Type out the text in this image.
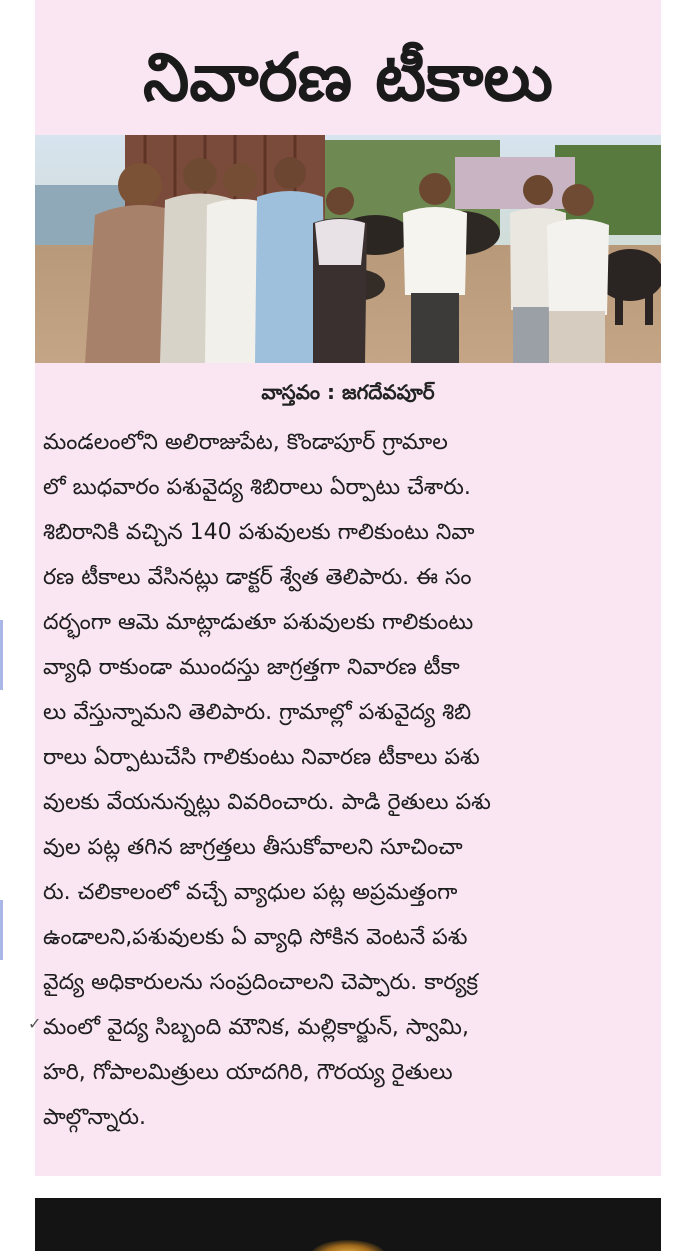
నివారణ టీకాలు
వాస్తవం : జగదేవపూర్
మండలంలోని అలిరాజుపేట, కొండాపూర్ గ్రామాల
లో బుధవారం పశువైద్య శిబిరాలు ఏర్పాటు చేశారు.
శిబిరానికి వచ్చిన 140 పశువులకు గాలికుంటు నివా
రణ టీకాలు వేసినట్లు డాక్టర్ శ్వేత తెలిపారు. ఈ సం
దర్భంగా ఆమె మాట్లాడుతూ పశువులకు గాలికుంటు
వ్యాధి రాకుండా ముందస్తు జాగ్రత్తగా నివారణ టీకా
లు వేస్తున్నామని తెలిపారు. గ్రామాల్లో పశువైద్య శిబి
రాలు ఏర్పాటుచేసి గాలికుంటు నివారణ టీకాలు పశు
వులకు వేయనున్నట్లు వివరించారు. పాడి రైతులు పశు
వుల పట్ల తగిన జాగ్రత్తలు తీసుకోవాలని సూచించా
రు. చలికాలంలో వచ్చే వ్యాధుల పట్ల అప్రమత్తంగా
ఉండాలని,పశువులకు ఏ వ్యాధి సోకిన వెంటనే పశు
వైద్య అధికారులను సంప్రదించాలని చెప్పారు. కార్యక్ర
మంలో వైద్య సిబ్బంది మౌనిక, మల్లికార్జున్, స్వామి,
హరి, గోపాలమిత్రులు యాదగిరి, గౌరయ్య రైతులు
పాల్గొన్నారు.
✓
